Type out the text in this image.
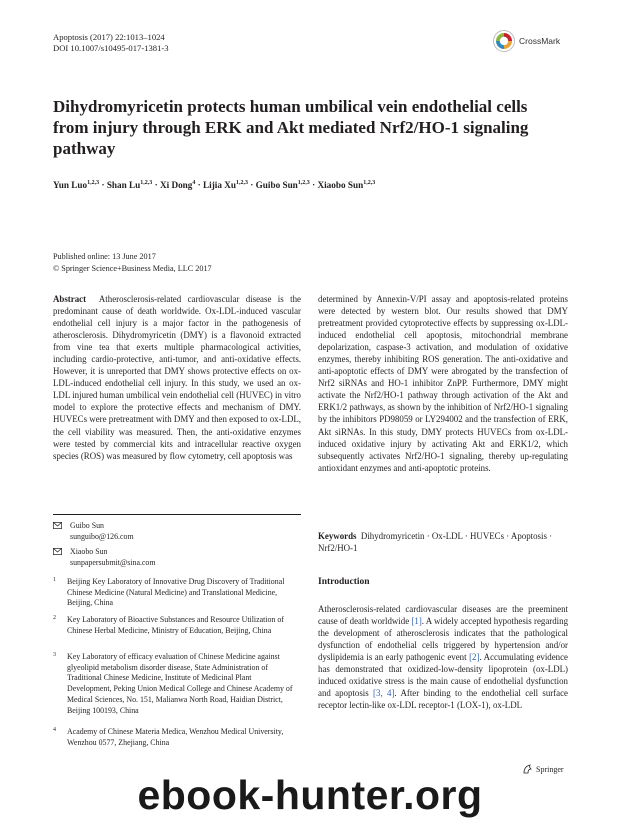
Apoptosis (2017) 22:1013–1024
DOI 10.1007/s10495-017-1381-3
CrossMark
Dihydromyricetin protects human umbilical vein endothelial cells from injury through ERK and Akt mediated Nrf2/HO-1 signaling pathway
Yun Luo$^{1,2,3}$ · Shan Lu$^{1,2,3}$ · Xi Dong$^4$ · Lijia Xu$^{1,2,3}$ · Guibo Sun$^{1,2,3}$ · Xiaobo Sun$^{1,2,3}$
Published online: 13 June 2017
© Springer Science+Business Media, LLC 2017
Abstract Atherosclerosis-related cardiovascular disease is the predominant cause of death worldwide. Ox-LDL-induced vascular endothelial cell injury is a major factor in the pathogenesis of atherosclerosis. Dihydromyricetin (DMY) is a flavonoid extracted from vine tea that exerts multiple pharmacological activities, including cardio-protective, anti-tumor, and anti-oxidative effects. However, it is unreported that DMY shows protective effects on ox-LDL-induced endothelial cell injury. In this study, we used an ox-LDL injured human umbilical vein endothelial cell (HUVEC) in vitro model to explore the protective effects and mechanism of DMY. HUVECs were pretreatment with DMY and then exposed to ox-LDL, the cell viability was measured. Then, the anti-oxidative enzymes were tested by commercial kits and intracellular reactive oxygen species (ROS) was measured by flow cytometry, cell apoptosis was
determined by Annexin-V/PI assay and apoptosis-related proteins were detected by western blot. Our results showed that DMY pretreatment provided cytoprotective effects by suppressing ox-LDL-induced endothelial cell apoptosis, mitochondrial membrane depolarization, caspase-3 activation, and modulation of oxidative enzymes, thereby inhibiting ROS generation. The anti-oxidative and anti-apoptotic effects of DMY were abrogated by the transfection of Nrf2 siRNAs and HO-1 inhibitor ZnPP. Furthermore, DMY might activate the Nrf2/HO-1 pathway through activation of the Akt and ERK1/2 pathways, as shown by the inhibition of Nrf2/HO-1 signaling by the inhibitors PD98059 or LY294002 and the transfection of ERK, Akt siRNAs. In this study, DMY protects HUVECs from ox-LDL-induced oxidative injury by activating Akt and ERK1/2, which subsequently activates Nrf2/HO-1 signaling, thereby up-regulating antioxidant enzymes and anti-apoptotic proteins.
Guibo Sun
sunguibo@126.com
Xiaobo Sun
sunpapersubmit@sina.com
1	Beijing Key Laboratory of Innovative Drug Discovery of Traditional Chinese Medicine (Natural Medicine) and Translational Medicine, Beijing, China
2	Key Laboratory of Bioactive Substances and Resource Utilization of Chinese Herbal Medicine, Ministry of Education, Beijing, China
3	Key Laboratory of efficacy evaluation of Chinese Medicine against glyeolipid metabolism disorder disease, State Administration of Traditional Chinese Medicine, Institute of Medicinal Plant Development, Peking Union Medical College and Chinese Academy of Medical Sciences, No. 151, Malianwa North Road, Haidian District, Beijing 100193, China
4	Academy of Chinese Materia Medica, Wenzhou Medical University, Wenzhou 0577, Zhejiang, China
Keywords Dihydromyricetin · Ox-LDL · HUVECs · Apoptosis · Nrf2/HO-1
Introduction
Atherosclerosis-related cardiovascular diseases are the preeminent cause of death worldwide [1]. A widely accepted hypothesis regarding the development of atherosclerosis indicates that the pathological dysfunction of endothelial cells triggered by hypertension and/or dyslipidemia is an early pathogenic event [2]. Accumulating evidence has demonstrated that oxidized-low-density lipoprotein (ox-LDL) induced oxidative stress is the main cause of endothelial dysfunction and apoptosis [3, 4]. After binding to the endothelial cell surface receptor lectin-like ox-LDL receptor-1 (LOX-1), ox-LDL
Springer
ebook-hunter.org
